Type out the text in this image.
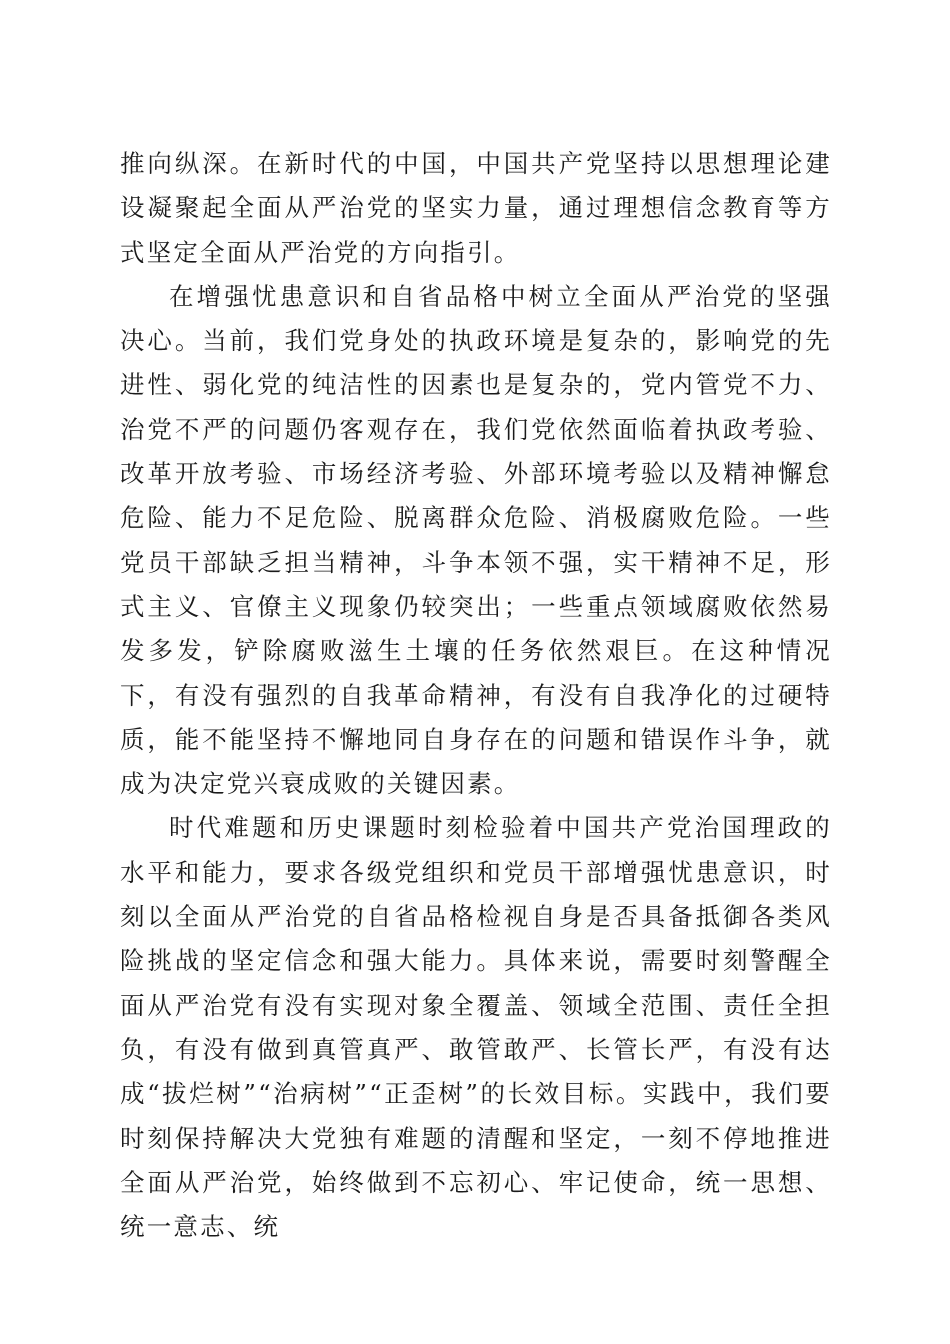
推向纵深。在新时代的中国，中国共产党坚持以思想理论建设凝聚起全面从严治党的坚实力量，通过理想信念教育等方式坚定全面从严治党的方向指引。

在增强忧患意识和自省品格中树立全面从严治党的坚强决心。当前，我们党身处的执政环境是复杂的，影响党的先进性、弱化党的纯洁性的因素也是复杂的，党内管党不力、治党不严的问题仍客观存在，我们党依然面临着执政考验、改革开放考验、市场经济考验、外部环境考验以及精神懈怠危险、能力不足危险、脱离群众危险、消极腐败危险。一些党员干部缺乏担当精神，斗争本领不强，实干精神不足，形式主义、官僚主义现象仍较突出；一些重点领域腐败依然易发多发，铲除腐败滋生土壤的任务依然艰巨。在这种情况下，有没有强烈的自我革命精神，有没有自我净化的过硬特质，能不能坚持不懈地同自身存在的问题和错误作斗争，就成为决定党兴衰成败的关键因素。

时代难题和历史课题时刻检验着中国共产党治国理政的水平和能力，要求各级党组织和党员干部增强忧患意识，时刻以全面从严治党的自省品格检视自身是否具备抵御各类风险挑战的坚定信念和强大能力。具体来说，需要时刻警醒全面从严治党有没有实现对象全覆盖、领域全范围、责任全担负，有没有做到真管真严、敢管敢严、长管长严，有没有达成“拔烂树”“治病树”“正歪树”的长效目标。实践中，我们要时刻保持解决大党独有难题的清醒和坚定，一刻不停地推进全面从严治党，始终做到不忘初心、牢记使命，统一思想、统一意志、统
